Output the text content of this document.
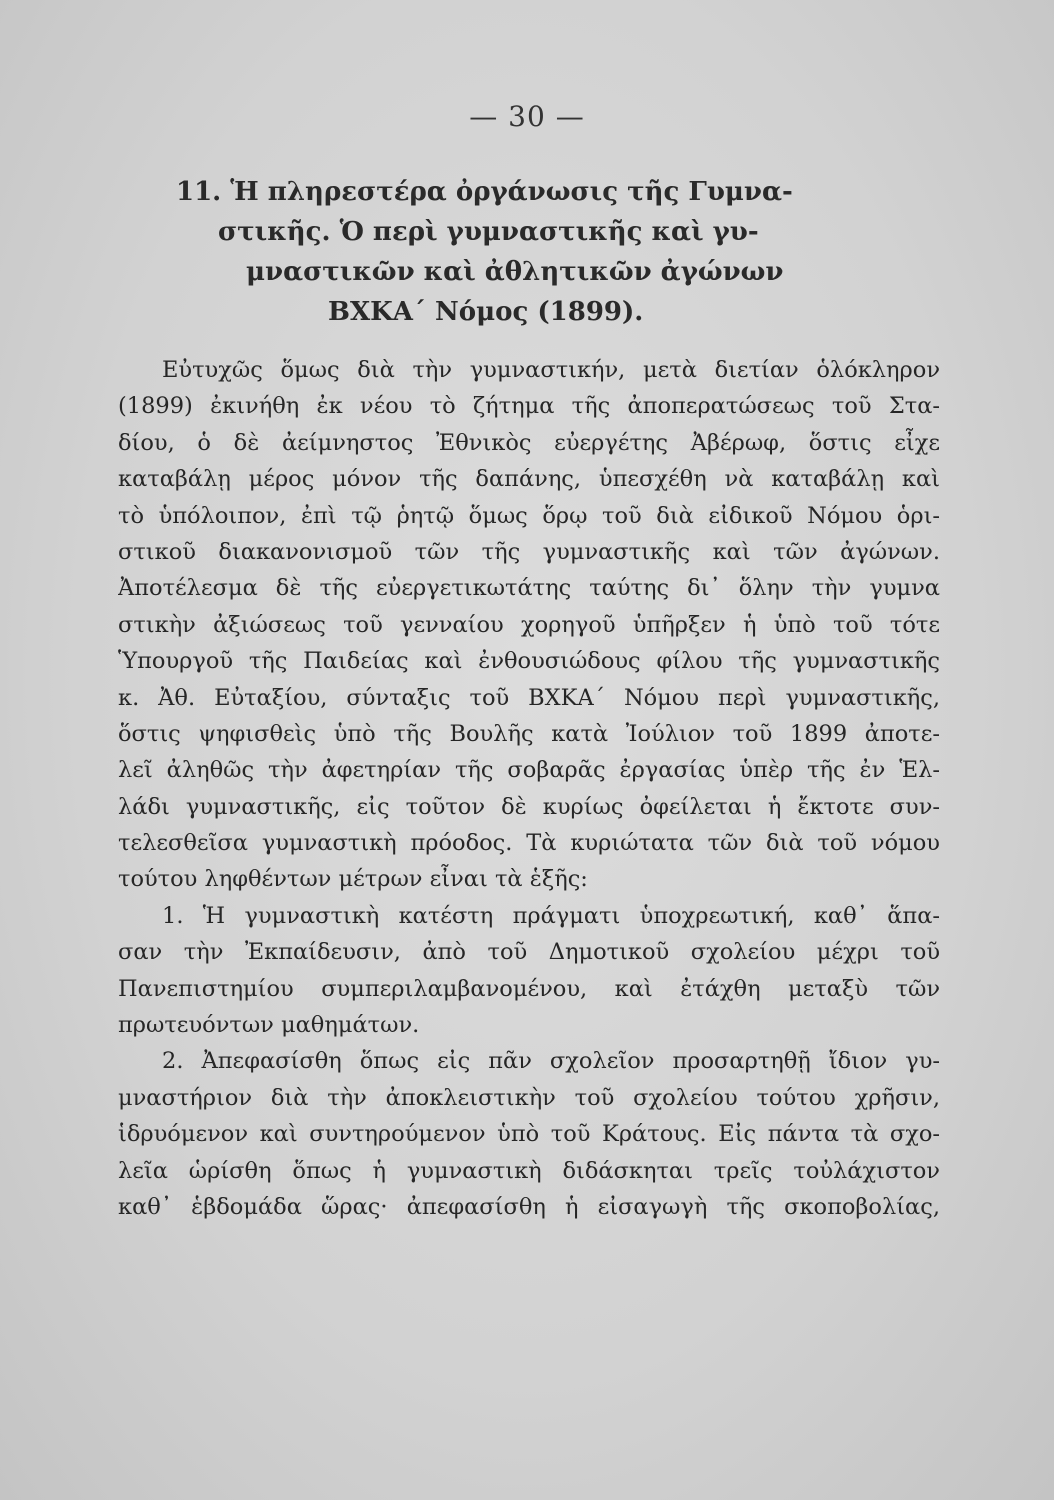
— 30 —
11. Ἡ πληρεστέρα ὀργάνωσις τῆς Γυμνα-
στικῆς. Ὁ περὶ γυμναστικῆς καὶ γυ-
μναστικῶν καὶ ἀθλητικῶν ἀγώνων
ΒΧΚΑ΄ Νόμος (1899).
Εὐτυχῶς ὅμως διὰ τὴν γυμναστικήν, μετὰ διετίαν ὁλόκληρον
(1899) ἐκινήθη ἐκ νέου τὸ ζήτημα τῆς ἀποπερατώσεως τοῦ Στα-
δίου, ὁ δὲ ἀείμνηστος Ἐθνικὸς εὐεργέτης Ἀβέρωφ, ὅστις εἶχε
καταβάλῃ μέρος μόνον τῆς δαπάνης, ὑπεσχέθη νὰ καταβάλῃ καὶ
τὸ ὑπόλοιπον, ἐπὶ τῷ ῥητῷ ὅμως ὅρῳ τοῦ διὰ εἰδικοῦ Νόμου ὁρι-
στικοῦ διακανονισμοῦ τῶν τῆς γυμναστικῆς καὶ τῶν ἀγώνων.
Ἀποτέλεσμα δὲ τῆς εὐεργετικωτάτης ταύτης δι᾽ ὅλην τὴν γυμνα
στικὴν ἀξιώσεως τοῦ γενναίου χορηγοῦ ὑπῆρξεν ἡ ὑπὸ τοῦ τότε
Ὑπουργοῦ τῆς Παιδείας καὶ ἐνθουσιώδους φίλου τῆς γυμναστικῆς
κ. Ἀθ. Εὐταξίου, σύνταξις τοῦ ΒΧΚΑ΄ Νόμου περὶ γυμναστικῆς,
ὅστις ψηφισθεὶς ὑπὸ τῆς Βουλῆς κατὰ Ἰούλιον τοῦ 1899 ἀποτε-
λεῖ ἀληθῶς τὴν ἀφετηρίαν τῆς σοβαρᾶς ἐργασίας ὑπὲρ τῆς ἐν Ἑλ-
λάδι γυμναστικῆς, εἰς τοῦτον δὲ κυρίως ὀφείλεται ἡ ἔκτοτε συν-
τελεσθεῖσα γυμναστικὴ πρόοδος. Τὰ κυριώτατα τῶν διὰ τοῦ νόμου
τούτου ληφθέντων μέτρων εἶναι τὰ ἑξῆς:
1. Ἡ γυμναστικὴ κατέστη πράγματι ὑποχρεωτική, καθ᾽ ἅπα-
σαν τὴν Ἐκπαίδευσιν, ἀπὸ τοῦ Δημοτικοῦ σχολείου μέχρι τοῦ
Πανεπιστημίου συμπεριλαμβανομένου, καὶ ἐτάχθη μεταξὺ τῶν
πρωτευόντων μαθημάτων.
2. Ἀπεφασίσθη ὅπως εἰς πᾶν σχολεῖον προσαρτηθῇ ἴδιον γυ-
μναστήριον διὰ τὴν ἀποκλειστικὴν τοῦ σχολείου τούτου χρῆσιν,
ἱδρυόμενον καὶ συντηρούμενον ὑπὸ τοῦ Κράτους. Εἰς πάντα τὰ σχο-
λεῖα ὡρίσθη ὅπως ἡ γυμναστικὴ διδάσκηται τρεῖς τοὐλάχιστον
καθ᾽ ἑβδομάδα ὥρας· ἀπεφασίσθη ἡ εἰσαγωγὴ τῆς σκοποβολίας,
